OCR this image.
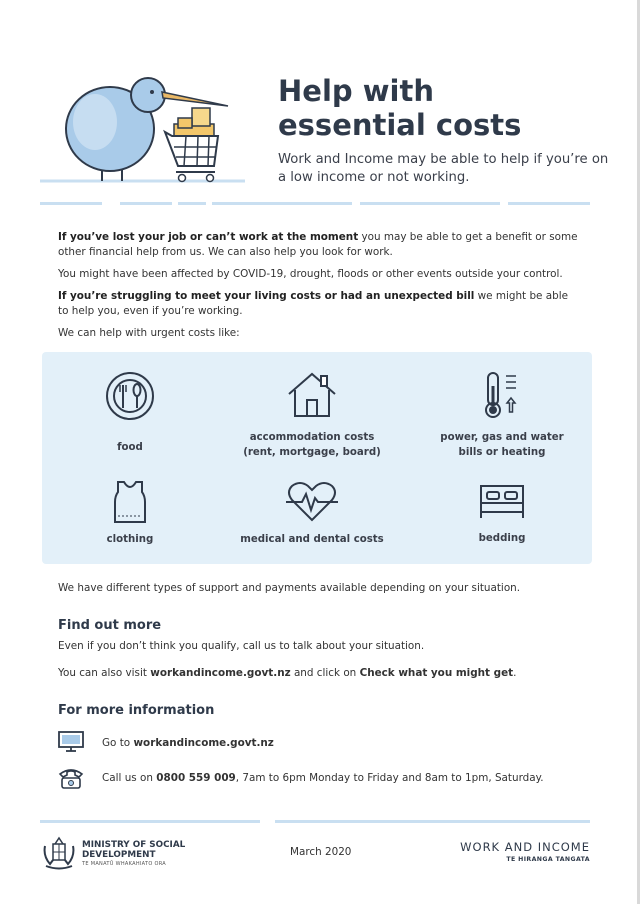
Help with
essential costs

Work and Income may be able to help if you’re on a low income or not working.

If you’ve lost your job or can’t work at the moment you may be able to get a benefit or some other financial help from us. We can also help you look for work.

You might have been affected by COVID-19, drought, floods or other events outside your control.

If you’re struggling to meet your living costs or had an unexpected bill we might be able to help you, even if you’re working.

We can help with urgent costs like:

food
accommodation costs (rent, mortgage, board)
power, gas and water bills or heating
clothing	medical and dental costs	bedding
We have different types of support and payments available depending on your situation.
Find out more
Even if you don’t think you qualify, call us to talk about your situation.
You can also visit workandincome.govt.nz and click on Check what you might get.
For more information
Go to workandincome.govt.nz
Call us on 0800 559 009, 7am to 6pm Monday to Friday and 8am to 1pm, Saturday.
MINISTRY OF SOCIAL
DEVELOPMENT
TE MANATŪ WHAKAHIATO ORA
March 2020	WORK AND INCOME
TE HIRANGA TANGATA
